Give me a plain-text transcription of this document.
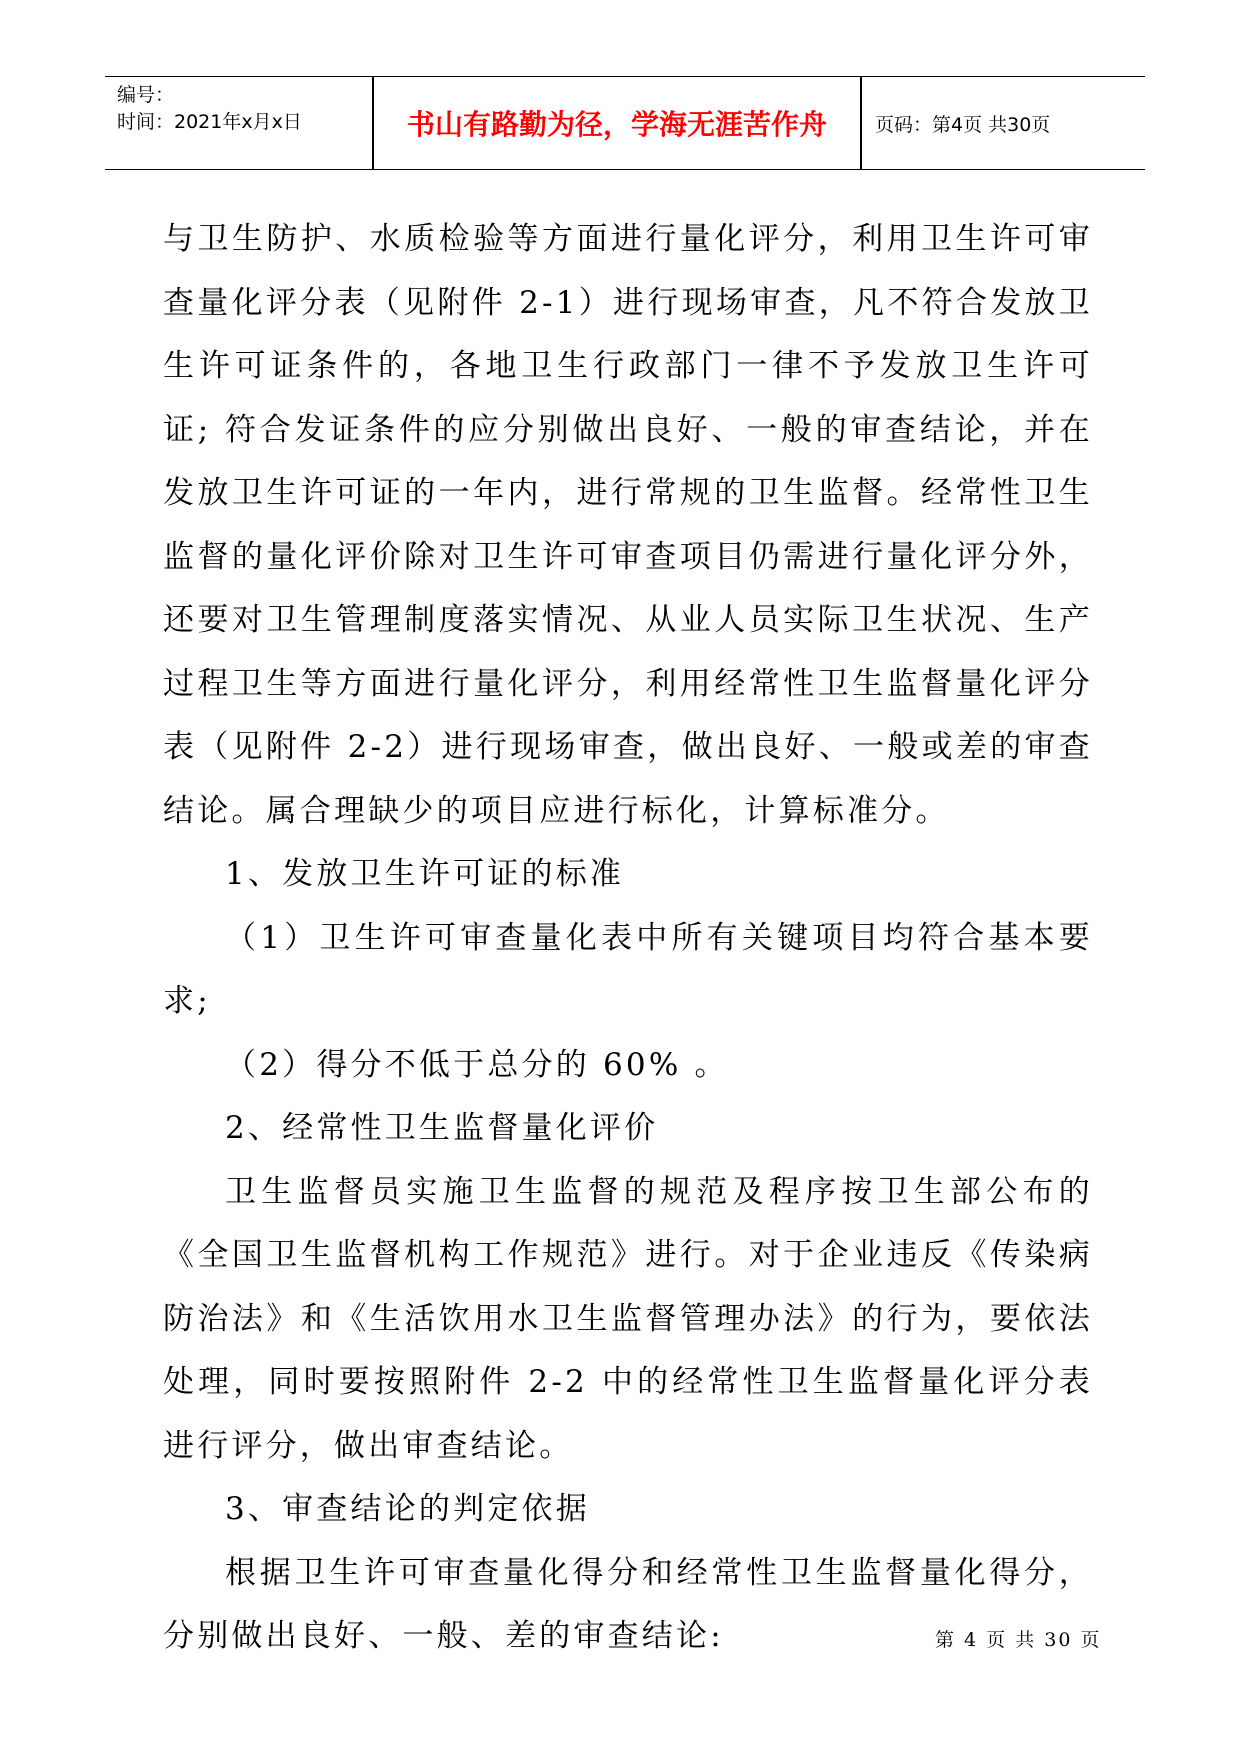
编号：
时间：2021年x月x日	书山有路勤为径，学海无涯苦作舟	页码：第4页 共30页

与卫生防护、水质检验等方面进行量化评分，利用卫生许可审查量化评分表（见附件 2-1）进行现场审查，凡不符合发放卫生许可证条件的，各地卫生行政部门一律不予发放卫生许可证; 符合发证条件的应分别做出良好、一般的审查结论，并在发放卫生许可证的一年内，进行常规的卫生监督。经常性卫生监督的量化评价除对卫生许可审查项目仍需进行量化评分外，还要对卫生管理制度落实情况、从业人员实际卫生状况、生产过程卫生等方面进行量化评分，利用经常性卫生监督量化评分表（见附件 2-2）进行现场审查，做出良好、一般或差的审查结论。属合理缺少的项目应进行标化，计算标准分。

1、发放卫生许可证的标准

（1）卫生许可审查量化表中所有关键项目均符合基本要求;

（2）得分不低于总分的 60% 。

2、经常性卫生监督量化评价

卫生监督员实施卫生监督的规范及程序按卫生部公布的《全国卫生监督机构工作规范》进行。对于企业违反《传染病防治法》和《生活饮用水卫生监督管理办法》的行为，要依法处理，同时要按照附件 2-2 中的经常性卫生监督量化评分表进行评分，做出审查结论。

3、审查结论的判定依据

根据卫生许可审查量化得分和经常性卫生监督量化得分，分别做出良好、一般、差的审查结论:	第 4 页 共 30 页
